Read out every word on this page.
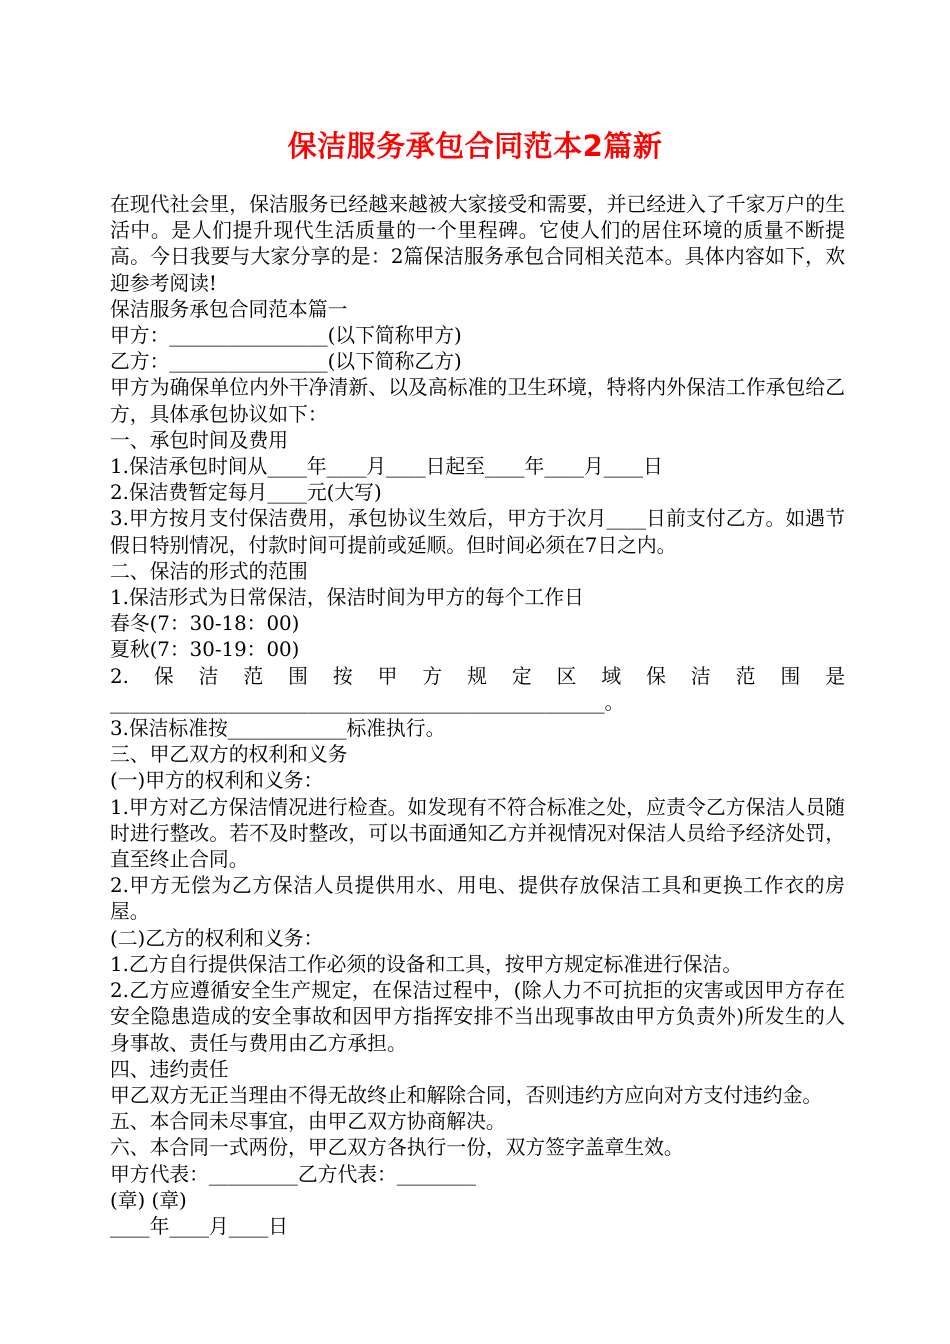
保洁服务承包合同范本2篇新

在现代社会里，保洁服务已经越来越被大家接受和需要，并已经进入了千家万户的生活中。是人们提升现代生活质量的一个里程碑。它使人们的居住环境的质量不断提高。今日我要与大家分享的是：2篇保洁服务承包合同相关范本。具体内容如下，欢迎参考阅读!

保洁服务承包合同范本篇一

甲方：________________(以下简称甲方)

乙方：________________(以下简称乙方)

甲方为确保单位内外干净清新、以及高标准的卫生环境，特将内外保洁工作承包给乙方，具体承包协议如下：

一、承包时间及费用

1.保洁承包时间从____年____月____日起至____年____月____日

2.保洁费暂定每月____元(大写)

3.甲方按月支付保洁费用，承包协议生效后，甲方于次月____日前支付乙方。如遇节假日特别情况，付款时间可提前或延顺。但时间必须在7日之内。

二、保洁的形式的范围

1.保洁形式为日常保洁，保洁时间为甲方的每个工作日

春冬(7：30-18：00)

夏秋(7：30-19：00)

2.保洁范围按甲方规定区域保洁范围是__________________________________________________。

3.保洁标准按____________标准执行。

三、甲乙双方的权利和义务

(一)甲方的权利和义务：

1.甲方对乙方保洁情况进行检查。如发现有不符合标准之处，应责令乙方保洁人员随时进行整改。若不及时整改，可以书面通知乙方并视情况对保洁人员给予经济处罚，直至终止合同。

2.甲方无偿为乙方保洁人员提供用水、用电、提供存放保洁工具和更换工作衣的房屋。

(二)乙方的权利和义务：

1.乙方自行提供保洁工作必须的设备和工具，按甲方规定标准进行保洁。

2.乙方应遵循安全生产规定，在保洁过程中，(除人力不可抗拒的灾害或因甲方存在安全隐患造成的安全事故和因甲方指挥安排不当出现事故由甲方负责外)所发生的人身事故、责任与费用由乙方承担。

四、违约责任

甲乙双方无正当理由不得无故终止和解除合同，否则违约方应向对方支付违约金。

五、本合同未尽事宜，由甲乙双方协商解决。

六、本合同一式两份，甲乙双方各执行一份，双方签字盖章生效。

甲方代表：_________乙方代表：________

(章) (章)

____年____月____日
